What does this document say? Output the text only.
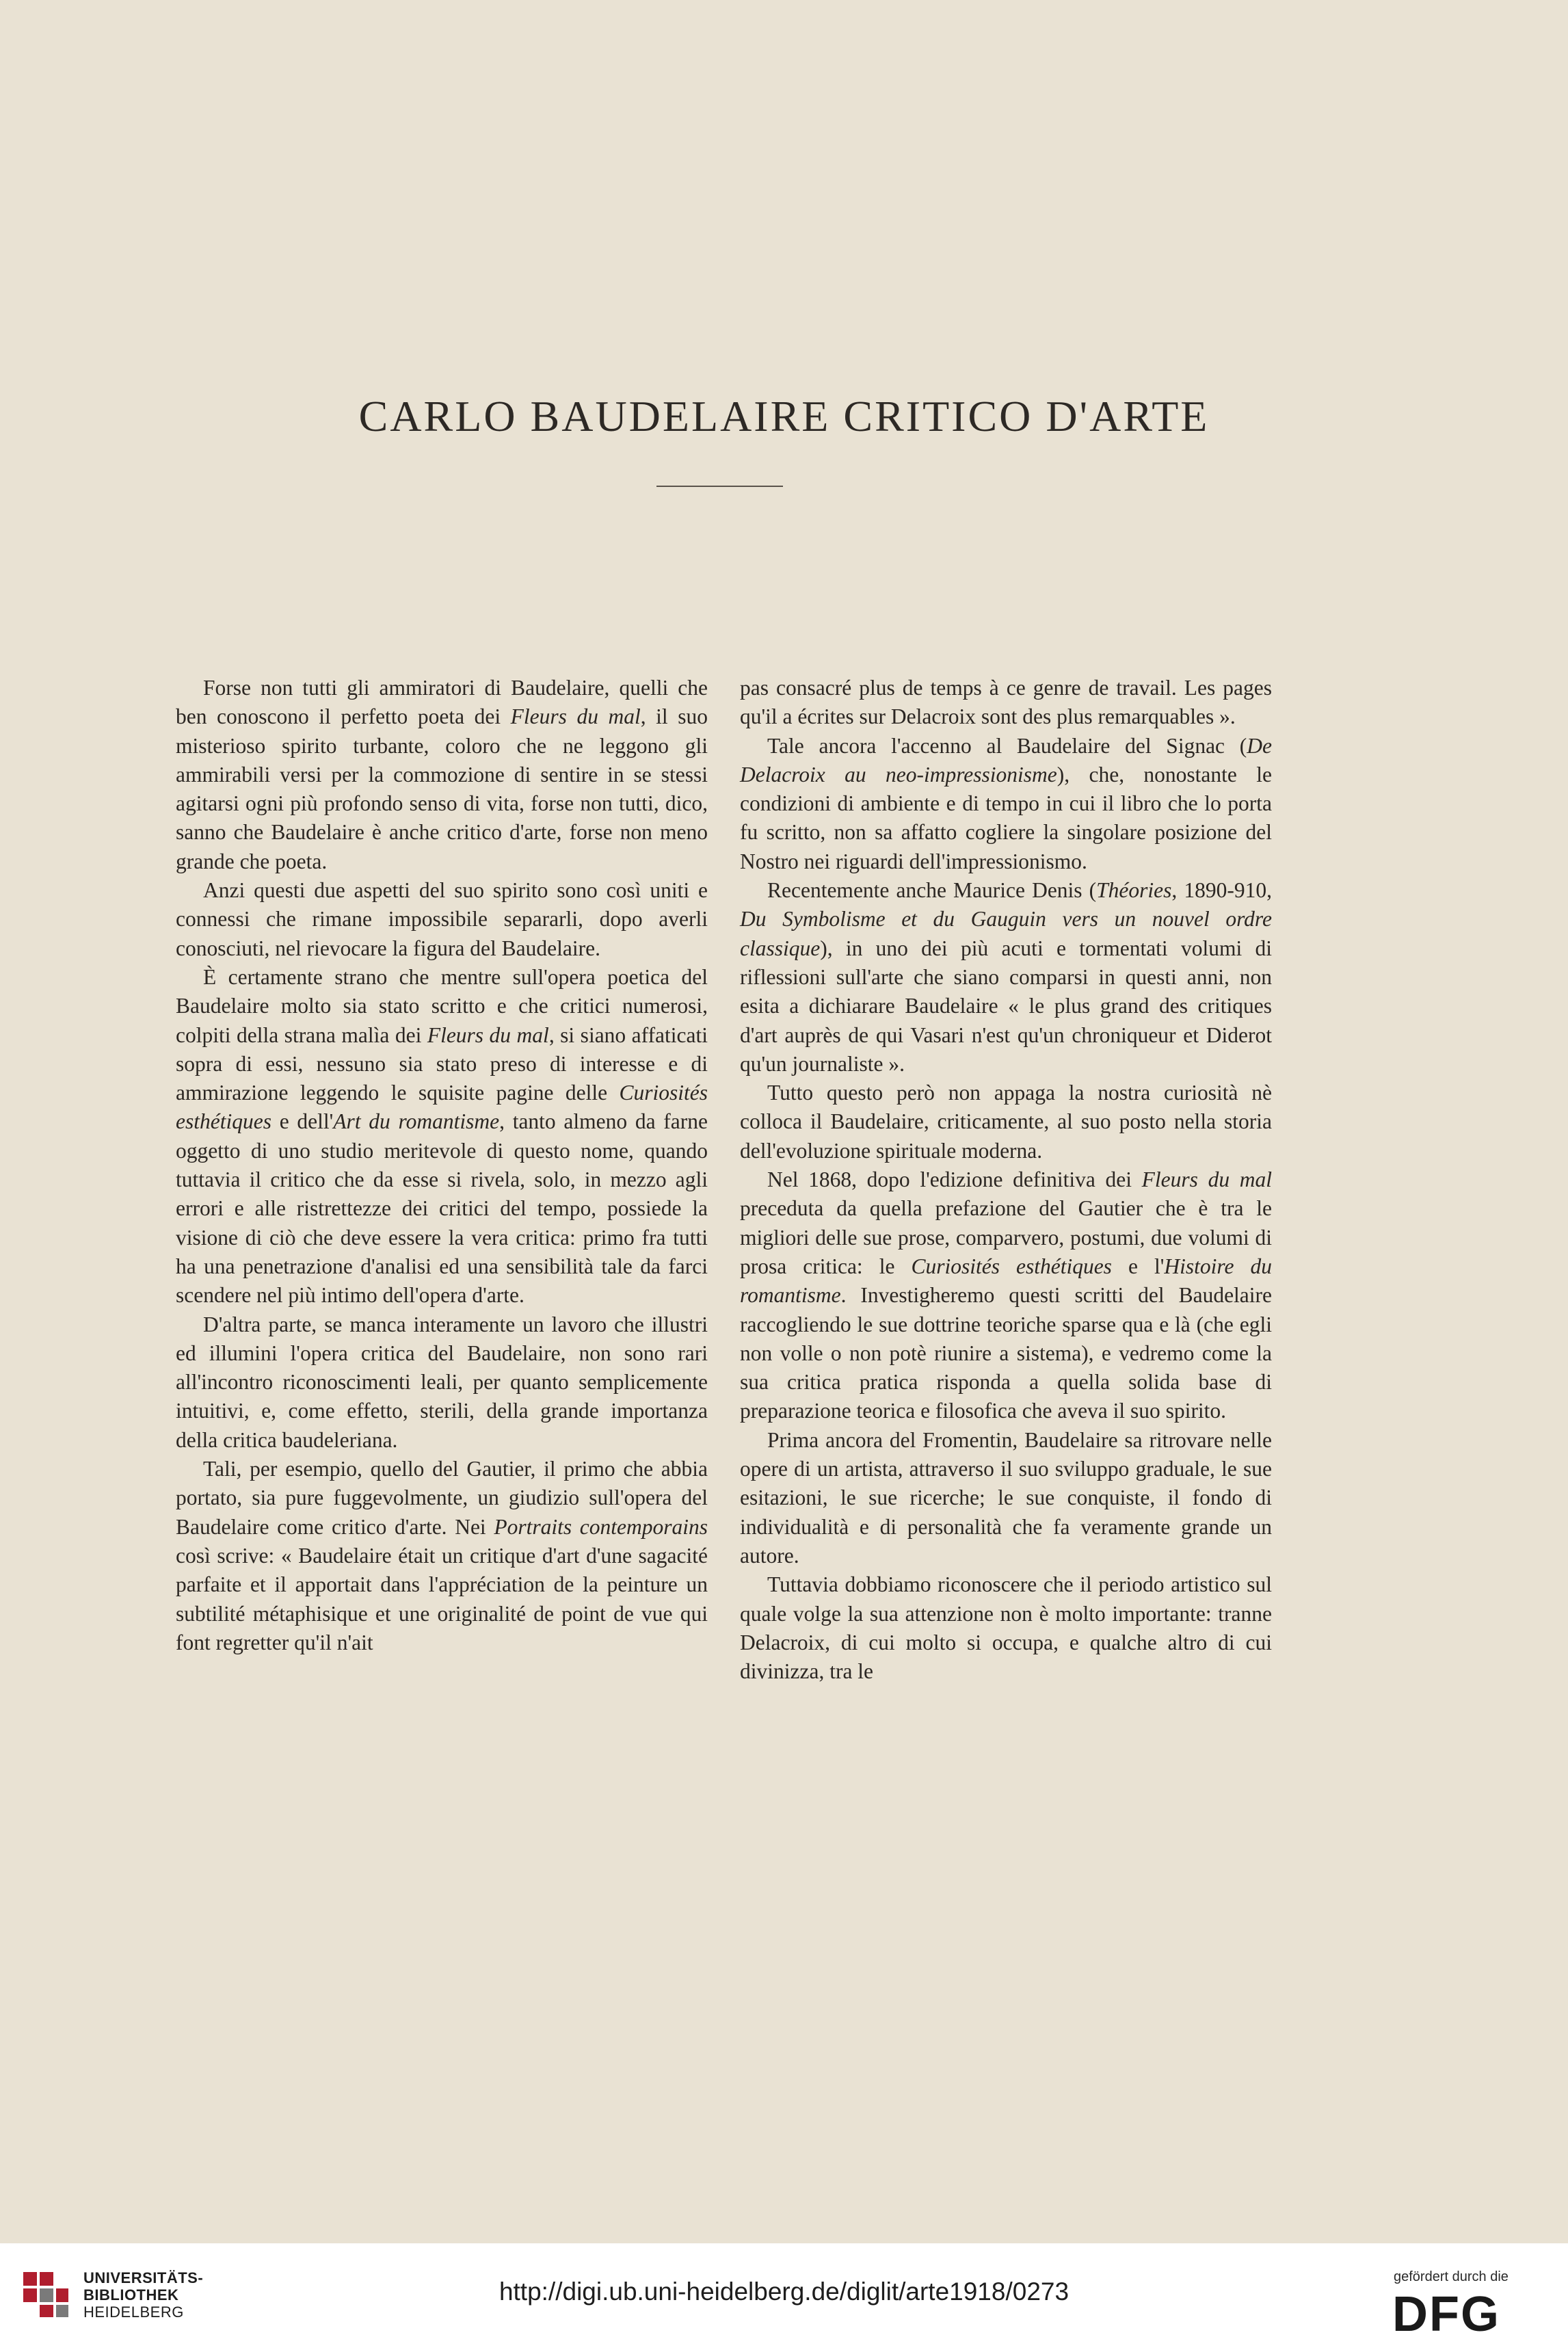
CARLO BAUDELAIRE CRITICO D'ARTE

Forse non tutti gli ammiratori di Baudelaire, quelli che ben conoscono il perfetto poeta dei Fleurs du mal, il suo misterioso spirito turbante, coloro che ne leggono gli ammirabili versi per la commozione di sentire in se stessi agitarsi ogni più profondo senso di vita, forse non tutti, dico, sanno che Baudelaire è anche critico d'arte, forse non meno grande che poeta.

Anzi questi due aspetti del suo spirito sono così uniti e connessi che rimane impossibile separarli, dopo averli conosciuti, nel rievocare la figura del Baudelaire.

È certamente strano che mentre sull'opera poetica del Baudelaire molto sia stato scritto e che critici numerosi, colpiti della strana malìa dei Fleurs du mal, si siano affaticati sopra di essi, nessuno sia stato preso di interesse e di ammirazione leggendo le squisite pagine delle Curiosités esthétiques e dell'Art du romantisme, tanto almeno da farne oggetto di uno studio meritevole di questo nome, quando tuttavia il critico che da esse si rivela, solo, in mezzo agli errori e alle ristrettezze dei critici del tempo, possiede la visione di ciò che deve essere la vera critica: primo fra tutti ha una penetrazione d'analisi ed una sensibilità tale da farci scendere nel più intimo dell'opera d'arte.

D'altra parte, se manca interamente un lavoro che illustri ed illumini l'opera critica del Baudelaire, non sono rari all'incontro riconoscimenti leali, per quanto semplicemente intuitivi, e, come effetto, sterili, della grande importanza della critica baudeleriana.

Tali, per esempio, quello del Gautier, il primo che abbia portato, sia pure fuggevolmente, un giudizio sull'opera del Baudelaire come critico d'arte. Nei Portraits contemporains così scrive: « Baudelaire était un critique d'art d'une sagacité parfaite et il apportait dans l'appréciation de la peinture un subtilité métaphisique et une originalité de point de vue qui font regretter qu'il n'ait

pas consacré plus de temps à ce genre de travail. Les pages qu'il a écrites sur Delacroix sont des plus remarquables ».

Tale ancora l'accenno al Baudelaire del Signac (De Delacroix au neo-impressionisme), che, nonostante le condizioni di ambiente e di tempo in cui il libro che lo porta fu scritto, non sa affatto cogliere la singolare posizione del Nostro nei riguardi dell'impressionismo.

Recentemente anche Maurice Denis (Théories, 1890-910, Du Symbolisme et du Gauguin vers un nouvel ordre classique), in uno dei più acuti e tormentati volumi di riflessioni sull'arte che siano comparsi in questi anni, non esita a dichiarare Baudelaire « le plus grand des critiques d'art auprès de qui Vasari n'est qu'un chroniqueur et Diderot qu'un journaliste ».

Tutto questo però non appaga la nostra curiosità nè colloca il Baudelaire, criticamente, al suo posto nella storia dell'evoluzione spirituale moderna.

Nel 1868, dopo l'edizione definitiva dei Fleurs du mal preceduta da quella prefazione del Gautier che è tra le migliori delle sue prose, comparvero, postumi, due volumi di prosa critica: le Curiosités esthétiques e l'Histoire du romantisme. Investigheremo questi scritti del Baudelaire raccogliendo le sue dottrine teoriche sparse qua e là (che egli non volle o non potè riunire a sistema), e vedremo come la sua critica pratica risponda a quella solida base di preparazione teorica e filosofica che aveva il suo spirito.

Prima ancora del Fromentin, Baudelaire sa ritrovare nelle opere di un artista, attraverso il suo sviluppo graduale, le sue esitazioni, le sue ricerche; le sue conquiste, il fondo di individualità e di personalità che fa veramente grande un autore.

Tuttavia dobbiamo riconoscere che il periodo artistico sul quale volge la sua attenzione non è molto importante: tranne Delacroix, di cui molto si occupa, e qualche altro di cui divinizza, tra le

UNIVERSITÄTS-
BIBLIOTHEK
HEIDELBERG
http://digi.ub.uni-heidelberg.de/diglit/arte1918/0273
gefördert durch die
DFG
